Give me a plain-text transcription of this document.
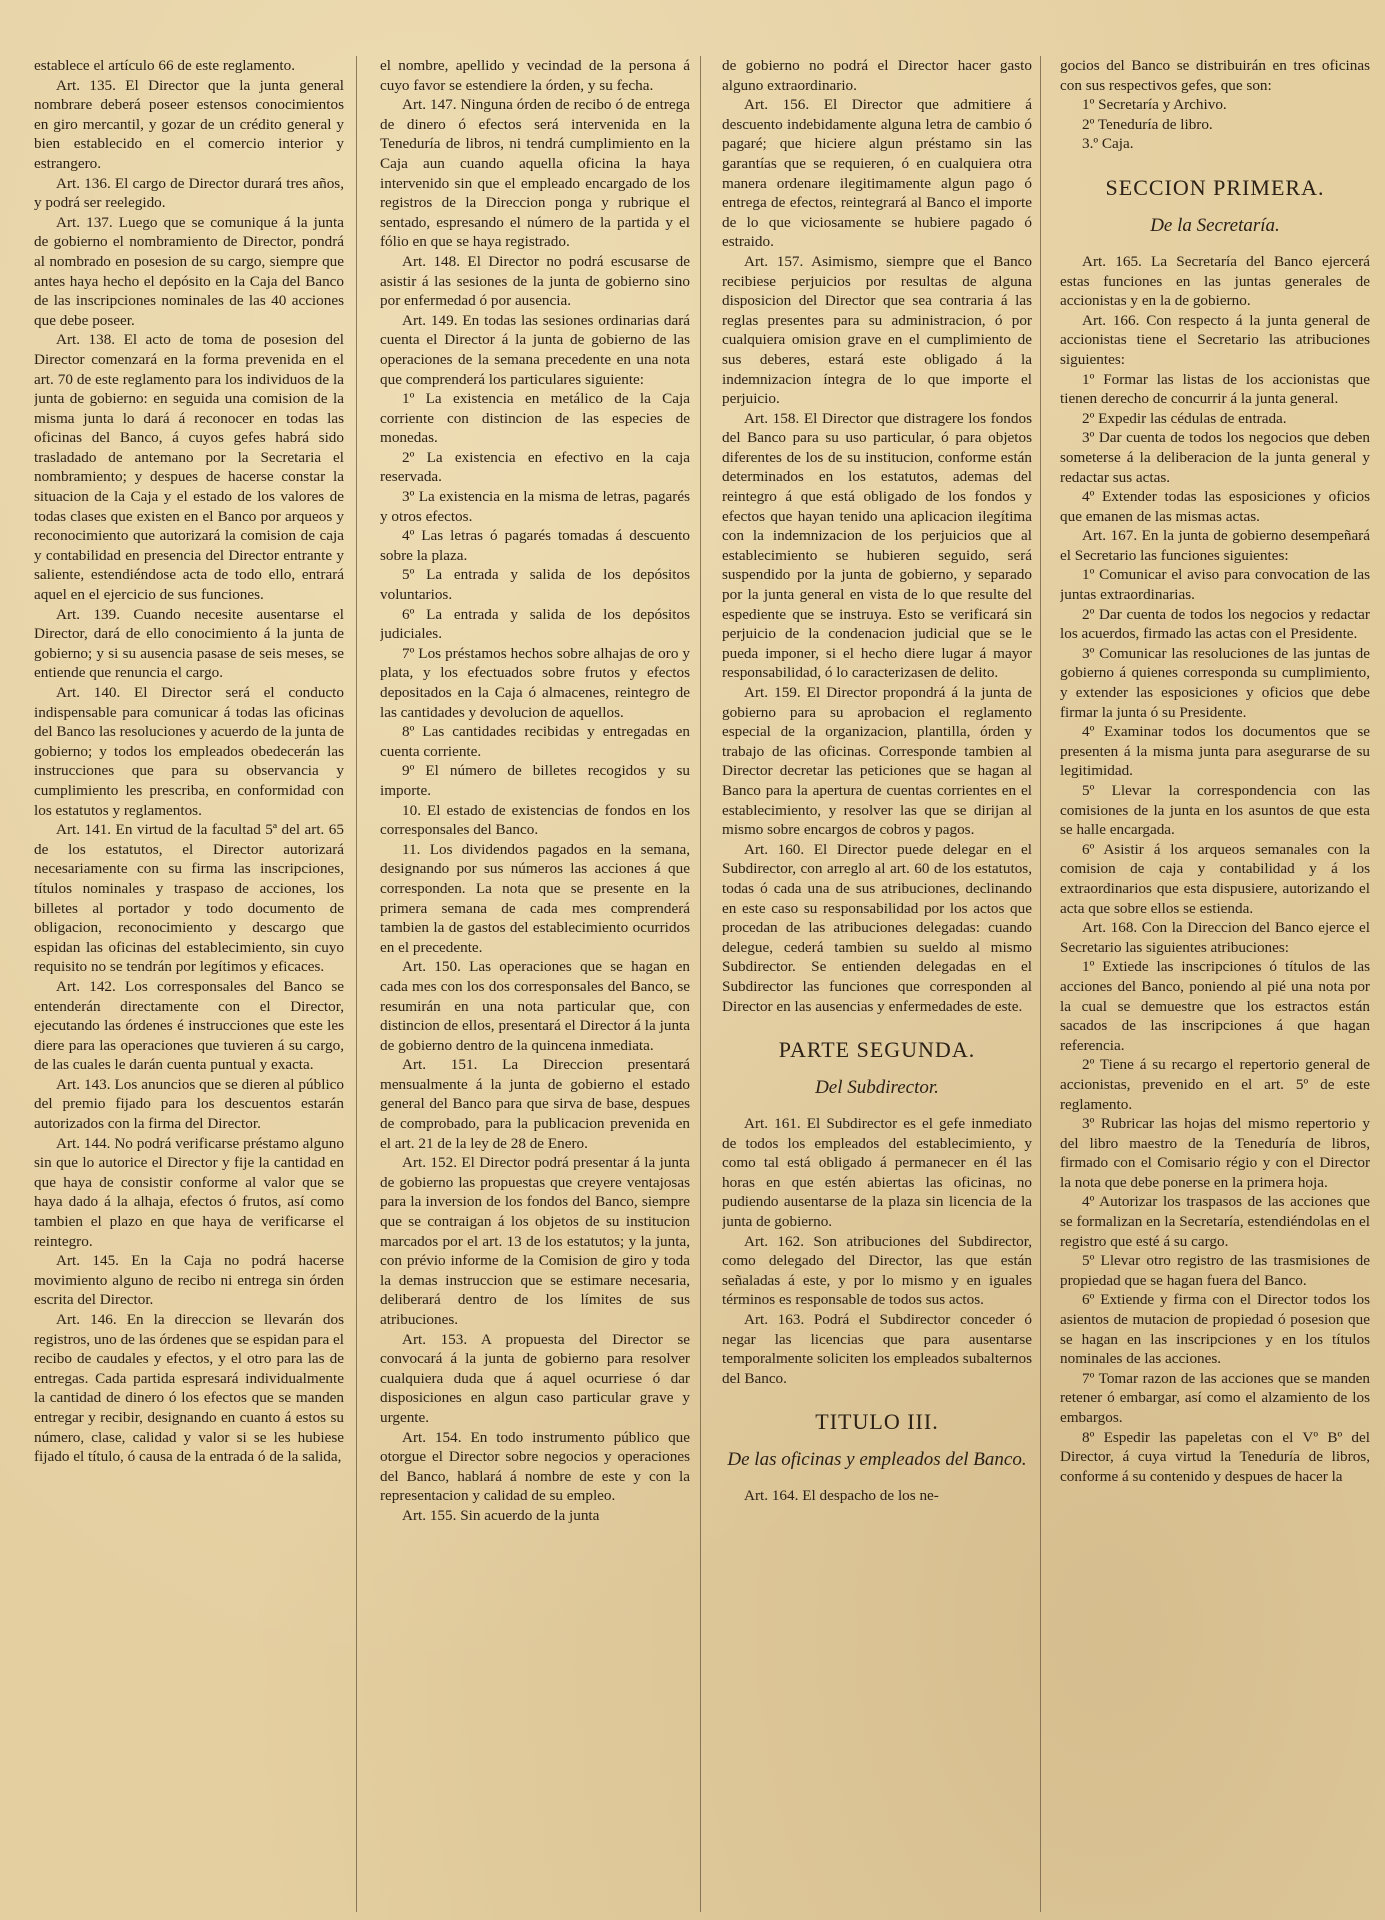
establece el artículo 66 de este reglamento.

Art. 135. El Director que la junta general nombrare deberá poseer estensos conocimientos en giro mercantil, y gozar de un crédito general y bien establecido en el comercio interior y estrangero.

Art. 136. El cargo de Director durará tres años, y podrá ser reelegido.

Art. 137. Luego que se comunique á la junta de gobierno el nombramiento de Director, pondrá al nombrado en posesion de su cargo, siempre que antes haya hecho el depósito en la Caja del Banco de las inscripciones nominales de las 40 acciones que debe poseer.

Art. 138. El acto de toma de posesion del Director comenzará en la forma prevenida en el art. 70 de este reglamento para los individuos de la junta de gobierno: en seguida una comision de la misma junta lo dará á reconocer en todas las oficinas del Banco, á cuyos gefes habrá sido trasladado de antemano por la Secretaria el nombramiento; y despues de hacerse constar la situacion de la Caja y el estado de los valores de todas clases que existen en el Banco por arqueos y reconocimiento que autorizará la comision de caja y contabilidad en presencia del Director entrante y saliente, estendiéndose acta de todo ello, entrará aquel en el ejercicio de sus funciones.

Art. 139. Cuando necesite ausentarse el Director, dará de ello conocimiento á la junta de gobierno; y si su ausencia pasase de seis meses, se entiende que renuncia el cargo.

Art. 140. El Director será el conducto indispensable para comunicar á todas las oficinas del Banco las resoluciones y acuerdo de la junta de gobierno; y todos los empleados obedecerán las instrucciones que para su observancia y cumplimiento les prescriba, en conformidad con los estatutos y reglamentos.

Art. 141. En virtud de la facultad 5ª del art. 65 de los estatutos, el Director autorizará necesariamente con su firma las inscripciones, títulos nominales y traspaso de acciones, los billetes al portador y todo documento de obligacion, reconocimiento y descargo que espidan las oficinas del establecimiento, sin cuyo requisito no se tendrán por legítimos y eficaces.

Art. 142. Los corresponsales del Banco se entenderán directamente con el Director, ejecutando las órdenes é instrucciones que este les diere para las operaciones que tuvieren á su cargo, de las cuales le darán cuenta puntual y exacta.

Art. 143. Los anuncios que se dieren al público del premio fijado para los descuentos estarán autorizados con la firma del Director.

Art. 144. No podrá verificarse préstamo alguno sin que lo autorice el Director y fije la cantidad en que haya de consistir conforme al valor que se haya dado á la alhaja, efectos ó frutos, así como tambien el plazo en que haya de verificarse el reintegro.

Art. 145. En la Caja no podrá hacerse movimiento alguno de recibo ni entrega sin órden escrita del Director.

Art. 146. En la direccion se llevarán dos registros, uno de las órdenes que se espidan para el recibo de caudales y efectos, y el otro para las de entregas. Cada partida espresará individualmente la cantidad de dinero ó los efectos que se manden entregar y recibir, designando en cuanto á estos su número, clase, calidad y valor si se les hubiese fijado el título, ó causa de la entrada ó de la salida,

el nombre, apellido y vecindad de la persona á cuyo favor se estendiere la órden, y su fecha.

Art. 147. Ninguna órden de recibo ó de entrega de dinero ó efectos será intervenida en la Teneduría de libros, ni tendrá cumplimiento en la Caja aun cuando aquella oficina la haya intervenido sin que el empleado encargado de los registros de la Direccion ponga y rubrique el sentado, espresando el número de la partida y el fólio en que se haya registrado.

Art. 148. El Director no podrá escusarse de asistir á las sesiones de la junta de gobierno sino por enfermedad ó por ausencia.

Art. 149. En todas las sesiones ordinarias dará cuenta el Director á la junta de gobierno de las operaciones de la semana precedente en una nota que comprenderá los particulares siguiente:

1º La existencia en metálico de la Caja corriente con distincion de las especies de monedas.

2º La existencia en efectivo en la caja reservada.

3º La existencia en la misma de letras, pagarés y otros efectos.

4º Las letras ó pagarés tomadas á descuento sobre la plaza.

5º La entrada y salida de los depósitos voluntarios.

6º La entrada y salida de los depósitos judiciales.

7º Los préstamos hechos sobre alhajas de oro y plata, y los efectuados sobre frutos y efectos depositados en la Caja ó almacenes, reintegro de las cantidades y devolucion de aquellos.

8º Las cantidades recibidas y entregadas en cuenta corriente.

9º El número de billetes recogidos y su importe.

10. El estado de existencias de fondos en los corresponsales del Banco.

11. Los dividendos pagados en la semana, designando por sus números las acciones á que corresponden. La nota que se presente en la primera semana de cada mes comprenderá tambien la de gastos del establecimiento ocurridos en el precedente.

Art. 150. Las operaciones que se hagan en cada mes con los dos corresponsales del Banco, se resumirán en una nota particular que, con distincion de ellos, presentará el Director á la junta de gobierno dentro de la quincena inmediata.

Art. 151. La Direccion presentará mensualmente á la junta de gobierno el estado general del Banco para que sirva de base, despues de comprobado, para la publicacion prevenida en el art. 21 de la ley de 28 de Enero.

Art. 152. El Director podrá presentar á la junta de gobierno las propuestas que creyere ventajosas para la inversion de los fondos del Banco, siempre que se contraigan á los objetos de su institucion marcados por el art. 13 de los estatutos; y la junta, con prévio informe de la Comision de giro y toda la demas instruccion que se estimare necesaria, deliberará dentro de los límites de sus atribuciones.

Art. 153. A propuesta del Director se convocará á la junta de gobierno para resolver cualquiera duda que á aquel ocurriese ó dar disposiciones en algun caso particular grave y urgente.

Art. 154. En todo instrumento público que otorgue el Director sobre negocios y operaciones del Banco, hablará á nombre de este y con la representacion y calidad de su empleo.

Art. 155. Sin acuerdo de la junta

de gobierno no podrá el Director hacer gasto alguno extraordinario.

Art. 156. El Director que admitiere á descuento indebidamente alguna letra de cambio ó pagaré; que hiciere algun préstamo sin las garantías que se requieren, ó en cualquiera otra manera ordenare ilegitimamente algun pago ó entrega de efectos, reintegrará al Banco el importe de lo que viciosamente se hubiere pagado ó estraido.

Art. 157. Asimismo, siempre que el Banco recibiese perjuicios por resultas de alguna disposicion del Director que sea contraria á las reglas presentes para su administracion, ó por cualquiera omision grave en el cumplimiento de sus deberes, estará este obligado á la indemnizacion íntegra de lo que importe el perjuicio.

Art. 158. El Director que distragere los fondos del Banco para su uso particular, ó para objetos diferentes de los de su institucion, conforme están determinados en los estatutos, ademas del reintegro á que está obligado de los fondos y efectos que hayan tenido una aplicacion ilegítima con la indemnizacion de los perjuicios que al establecimiento se hubieren seguido, será suspendido por la junta de gobierno, y separado por la junta general en vista de lo que resulte del espediente que se instruya. Esto se verificará sin perjuicio de la condenacion judicial que se le pueda imponer, si el hecho diere lugar á mayor responsabilidad, ó lo caracterizasen de delito.

Art. 159. El Director propondrá á la junta de gobierno para su aprobacion el reglamento especial de la organizacion, plantilla, órden y trabajo de las oficinas. Corresponde tambien al Director decretar las peticiones que se hagan al Banco para la apertura de cuentas corrientes en el establecimiento, y resolver las que se dirijan al mismo sobre encargos de cobros y pagos.

Art. 160. El Director puede delegar en el Subdirector, con arreglo al art. 60 de los estatutos, todas ó cada una de sus atribuciones, declinando en este caso su responsabilidad por los actos que procedan de las atribuciones delegadas: cuando delegue, cederá tambien su sueldo al mismo Subdirector. Se entienden delegadas en el Subdirector las funciones que corresponden al Director en las ausencias y enfermedades de este.

PARTE SEGUNDA.

Del Subdirector.

Art. 161. El Subdirector es el gefe inmediato de todos los empleados del establecimiento, y como tal está obligado á permanecer en él las horas en que estén abiertas las oficinas, no pudiendo ausentarse de la plaza sin licencia de la junta de gobierno.

Art. 162. Son atribuciones del Subdirector, como delegado del Director, las que están señaladas á este, y por lo mismo y en iguales términos es responsable de todos sus actos.

Art. 163. Podrá el Subdirector conceder ó negar las licencias que para ausentarse temporalmente soliciten los empleados subalternos del Banco.

TITULO III.

De las oficinas y empleados del Banco.

Art. 164. El despacho de los ne-

gocios del Banco se distribuirán en tres oficinas con sus respectivos gefes, que son:

1º Secretaría y Archivo.

2º Teneduría de libro.

3.º Caja.

SECCION PRIMERA.

De la Secretaría.

Art. 165. La Secretaría del Banco ejercerá estas funciones en las juntas generales de accionistas y en la de gobierno.

Art. 166. Con respecto á la junta general de accionistas tiene el Secretario las atribuciones siguientes:

1º Formar las listas de los accionistas que tienen derecho de concurrir á la junta general.

2º Expedir las cédulas de entrada.

3º Dar cuenta de todos los negocios que deben someterse á la deliberacion de la junta general y redactar sus actas.

4º Extender todas las esposiciones y oficios que emanen de las mismas actas.

Art. 167. En la junta de gobierno desempeñará el Secretario las funciones siguientes:

1º Comunicar el aviso para convocation de las juntas extraordinarias.

2º Dar cuenta de todos los negocios y redactar los acuerdos, firmado las actas con el Presidente.

3º Comunicar las resoluciones de las juntas de gobierno á quienes corresponda su cumplimiento, y extender las esposiciones y oficios que debe firmar la junta ó su Presidente.

4º Examinar todos los documentos que se presenten á la misma junta para asegurarse de su legitimidad.

5º Llevar la correspondencia con las comisiones de la junta en los asuntos de que esta se halle encargada.

6º Asistir á los arqueos semanales con la comision de caja y contabilidad y á los extraordinarios que esta dispusiere, autorizando el acta que sobre ellos se estienda.

Art. 168. Con la Direccion del Banco ejerce el Secretario las siguientes atribuciones:

1º Extiede las inscripciones ó títulos de las acciones del Banco, poniendo al pié una nota por la cual se demuestre que los estractos están sacados de las inscripciones á que hagan referencia.

2º Tiene á su recargo el repertorio general de accionistas, prevenido en el art. 5º de este reglamento.

3º Rubricar las hojas del mismo repertorio y del libro maestro de la Teneduría de libros, firmado con el Comisario régio y con el Director la nota que debe ponerse en la primera hoja.

4º Autorizar los traspasos de las acciones que se formalizan en la Secretaría, estendiéndolas en el registro que esté á su cargo.

5º Llevar otro registro de las trasmisiones de propiedad que se hagan fuera del Banco.

6º Extiende y firma con el Director todos los asientos de mutacion de propiedad ó posesion que se hagan en las inscripciones y en los títulos nominales de las acciones.

7º Tomar razon de las acciones que se manden retener ó embargar, así como el alzamiento de los embargos.

8º Espedir las papeletas con el Vº Bº del Director, á cuya virtud la Teneduría de libros, conforme á su contenido y despues de hacer la
